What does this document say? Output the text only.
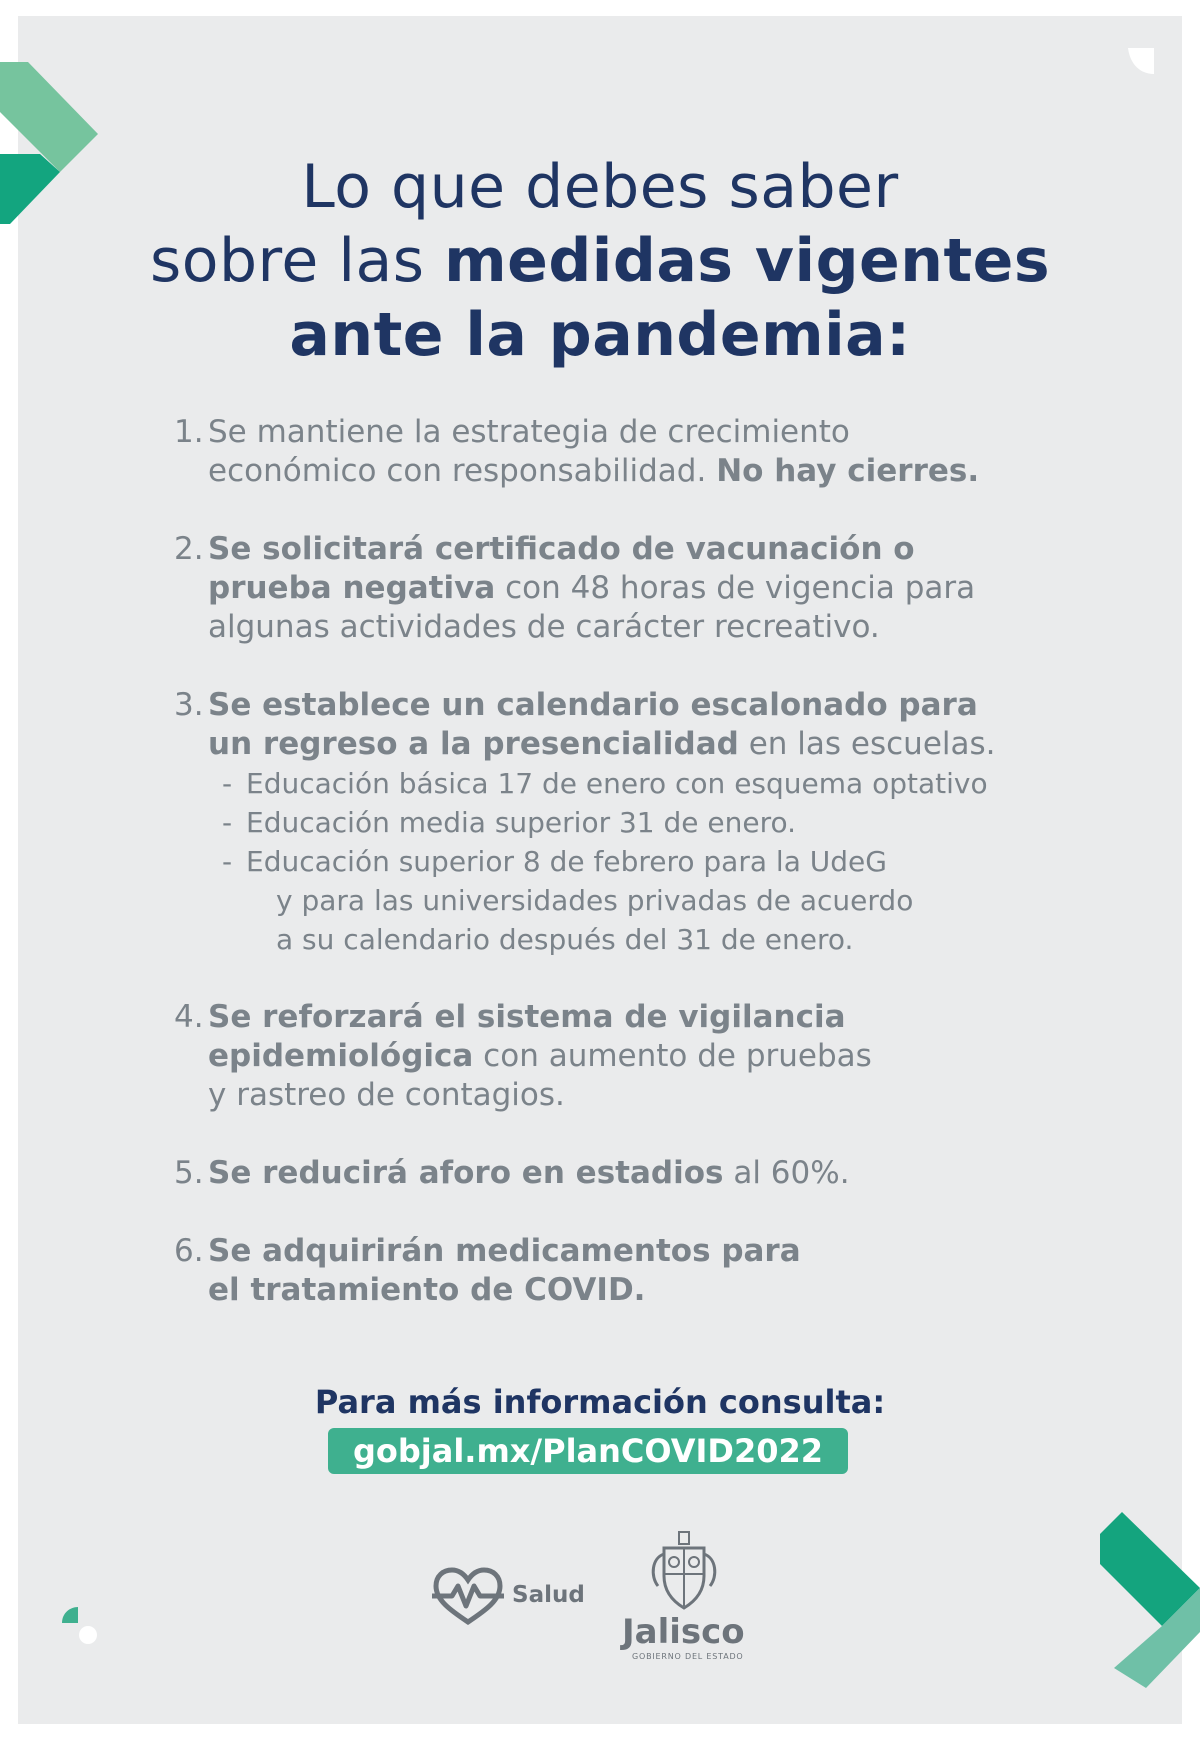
Lo que debes saber
sobre las medidas vigentes
ante la pandemia:
1. Se mantiene la estrategia de crecimiento
económico con responsabilidad. No hay cierres.
2. Se solicitará certificado de vacunación o
prueba negativa con 48 horas de vigencia para
algunas actividades de carácter recreativo.
3. Se establece un calendario escalonado para
un regreso a la presencialidad en las escuelas.
- Educación básica 17 de enero con esquema optativo
- Educación media superior 31 de enero.
- Educación superior 8 de febrero para la UdeG
y para las universidades privadas de acuerdo
a su calendario después del 31 de enero.
4. Se reforzará el sistema de vigilancia
epidemiológica con aumento de pruebas
y rastreo de contagios.
5. Se reducirá aforo en estadios al 60%.
6. Se adquirirán medicamentos para
el tratamiento de COVID.
Para más información consulta:
gobjal.mx/PlanCOVID2022
Salud
Jalisco
GOBIERNO DEL ESTADO
